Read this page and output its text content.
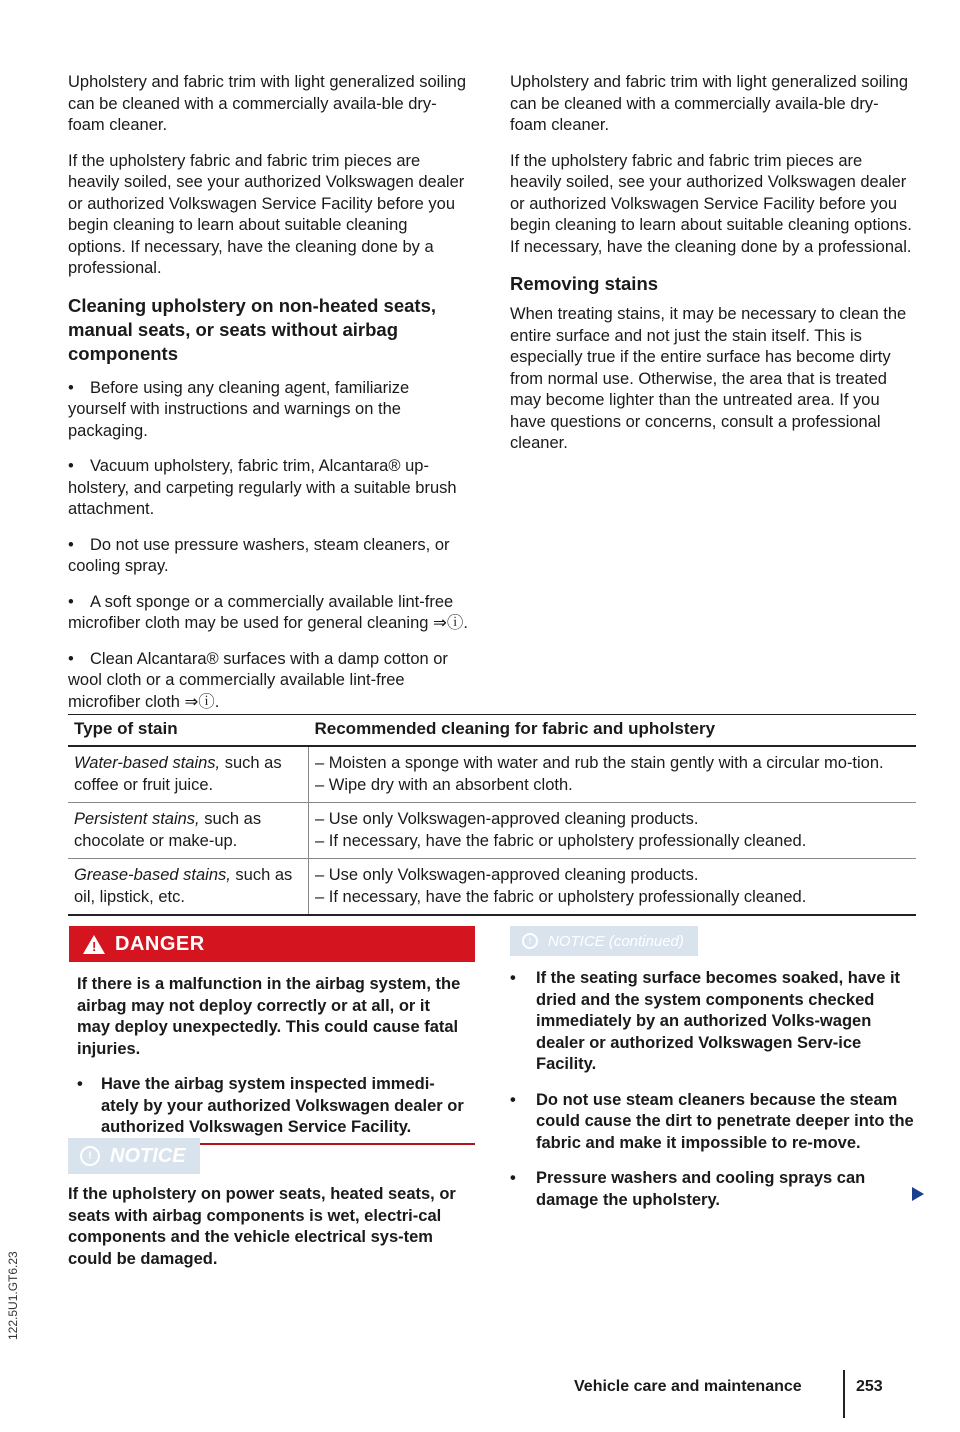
122.5U1.GT6.23

Upholstery and fabric trim with light generalized soiling can be cleaned with a commercially availa-ble dry-foam cleaner.

If the upholstery fabric and fabric trim pieces are heavily soiled, see your authorized Volkswagen dealer or authorized Volkswagen Service Facility before you begin cleaning to learn about suitable cleaning options. If necessary, have the cleaning done by a professional.

Cleaning upholstery on non-heated seats, manual seats, or seats without airbag components
• Before using any cleaning agent, familiarize yourself with instructions and warnings on the packaging.
• Vacuum upholstery, fabric trim, Alcantara® up-holstery, and carpeting regularly with a suitable brush attachment.
• Do not use pressure washers, steam cleaners, or cooling spray.
• A soft sponge or a commercially available lint-free microfiber cloth may be used for general cleaning ⇒ⓘ.
• Clean Alcantara® surfaces with a damp cotton or wool cloth or a commercially available lint-free microfiber cloth ⇒ⓘ.

Upholstery and fabric trim with light generalized soiling can be cleaned with a commercially availa-ble dry-foam cleaner.

If the upholstery fabric and fabric trim pieces are heavily soiled, see your authorized Volkswagen dealer or authorized Volkswagen Service Facility before you begin cleaning to learn about suitable cleaning options. If necessary, have the cleaning done by a professional.

Removing stains

When treating stains, it may be necessary to clean the entire surface and not just the stain itself. This is especially true if the entire surface has become dirty from normal use. Otherwise, the area that is treated may become lighter than the untreated area. If you have questions or concerns, consult a professional cleaner.

Type of stain	Recommended cleaning for fabric and upholstery
Water-based stains, such as coffee or fruit juice.	– Moisten a sponge with water and rub the stain gently with a circular mo-tion.
– Wipe dry with an absorbent cloth.

Persistent stains, such as chocolate or make-up.	– Use only Volkswagen-approved cleaning products.
– If necessary, have the fabric or upholstery professionally cleaned.

Grease-based stains, such as oil, lipstick, etc.	– Use only Volkswagen-approved cleaning products.
– If necessary, have the fabric or upholstery professionally cleaned.
! DANGER
If there is a malfunction in the airbag system, the airbag may not deploy correctly or at all, or it may deploy unexpectedly. This could cause fatal injuries.
•	Have the airbag system inspected immedi-ately by your authorized Volkswagen dealer or authorized Volkswagen Service Facility.
! NOTICE
If the upholstery on power seats, heated seats, or seats with airbag components is wet, electri-cal components and the vehicle electrical sys-tem could be damaged.
!	NOTICE (continued)
•	If the seating surface becomes soaked, have it dried and the system components checked immediately by an authorized Volks-wagen dealer or authorized Volkswagen Serv-ice Facility.
•	Do not use steam cleaners because the steam could cause the dirt to penetrate deeper into the fabric and make it impossible to re-move.
•	Pressure washers and cooling sprays can damage the upholstery.
Vehicle care and maintenance	253
